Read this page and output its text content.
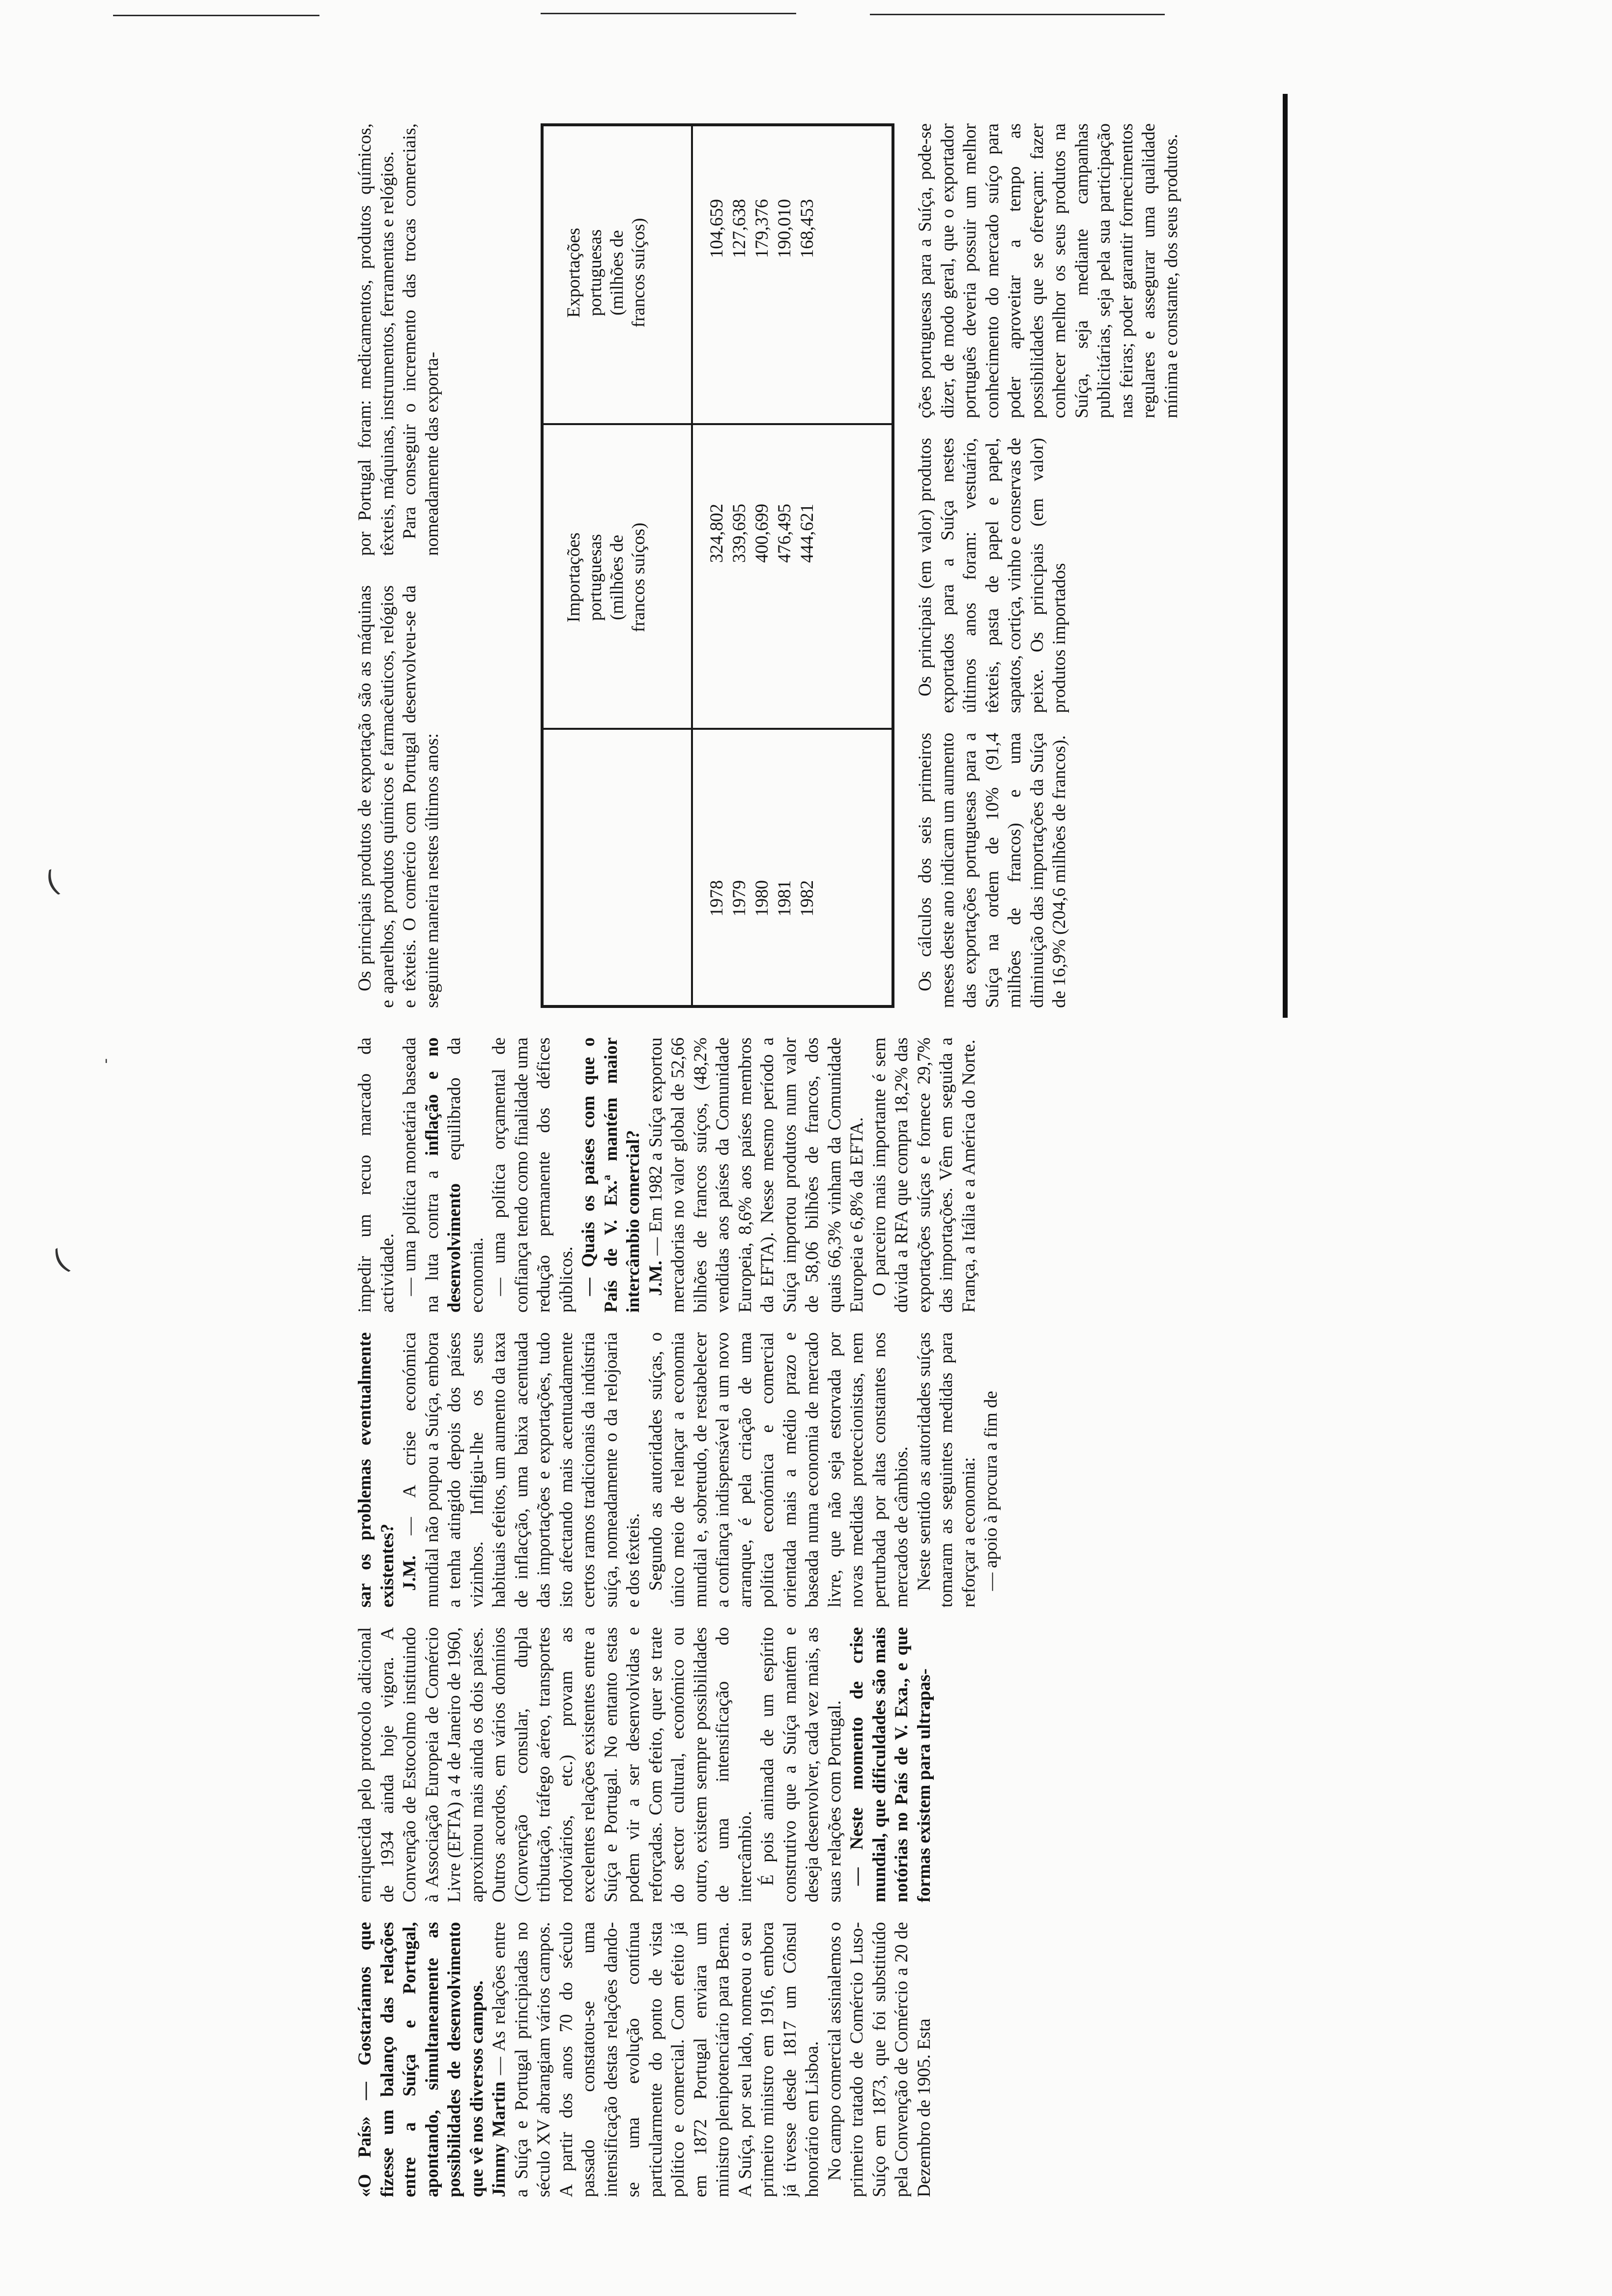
(
(
'

«O País» — Gostaríamos que fizesse um balanço das relações entre a Suíça e Portugal, apontando, simultaneamente as possibilidades de desenvolvimento que vê nos diversos campos. Jimmy Martin — As relações entre a Suíça e Portugal principiadas no século XV abrangiam vários campos. A partir dos anos 70 do século passado constatou-se uma intensificação destas relações dando-se uma evolução contínua particularmente do ponto de vista político e comercial. Com efeito já em 1872 Portugal enviara um ministro plenipotenciário para Berna. A Suíça, por seu lado, nomeou o seu primeiro ministro em 1916, embora já tivesse desde 1817 um Cônsul honorário em Lisboa. No campo comercial assinalemos o primeiro tratado de Comércio Luso-Suíço em 1873, que foi substituído pela Convenção de Comércio a 20 de Dezembro de 1905. Esta

enriquecida pelo protocolo adicional de 1934 ainda hoje vigora. A Convenção de Estocolmo instituindo à Associação Europeia de Comércio Livre (EFTA) a 4 de Janeiro de 1960, aproximou mais ainda os dois países. Outros acordos, em vários domínios (Convenção consular, dupla tributação, tráfego aéreo, transportes rodoviários, etc.) provam as excelentes relações existentes entre a Suíça e Portugal. No entanto estas podem vir a ser desenvolvidas e reforçadas. Com efeito, quer se trate do sector cultural, económico ou outro, existem sempre possibilidades de uma intensificação do intercâmbio. É pois animada de um espírito construtivo que a Suíça mantém e deseja desenvolver, cada vez mais, as suas relações com Portugal. — Neste momento de crise mundial, que dificuldades são mais notórias no País de V. Exa., e que formas existem para ultrapas-

sar os problemas eventualmente existentes? J.M. — A crise económica mundial não poupou a Suíça, embora a tenha atingido depois dos países vizinhos. Infligiu-lhe os seus habituais efeitos, um aumento da taxa de inflacção, uma baixa acentuada das importações e exportações, tudo isto afectando mais acentuadamente certos ramos tradicionais da indústria suíça, nomeadamente o da relojoaria e dos têxteis. Segundo as autoridades suíças, o único meio de relançar a economia mundial e, sobretudo, de restabelecer a confiança indispensável a um novo arranque, é pela criação de uma política económica e comercial orientada mais a médio prazo e baseada numa economia de mercado livre, que não seja estorvada por novas medidas proteccionistas, nem perturbada por altas constantes nos mercados de câmbios. Neste sentido as autoridades suíças tomaram as seguintes medidas para reforçar a economia: — apoio à procura a fim de

impedir um recuo marcado da actividade. — uma política monetária baseada na luta contra a inflação e no desenvolvimento equilibrado da economia. — uma política orçamental de confiança tendo como finalidade uma redução permanente dos défices públicos. — Quais os países com que o País de V. Ex.ª mantém maior intercâmbio comercial? J.M. — Em 1982 a Suíça exportou mercadorias no valor global de 52,66 bilhões de francos suíços, (48,2% vendidas aos países da Comunidade Europeia, 8,6% aos países membros da EFTA). Nesse mesmo período a Suíça importou produtos num valor de 58,06 bilhões de francos, dos quais 66,3% vinham da Comunidade Europeia e 6,8% da EFTA. O parceiro mais importante é sem dúvida a RFA que compra 18,2% das exportações suíças e fornece 29,7% das importações. Vêm em seguida a França, a Itália e a América do Norte.

Os principais produtos de exportação são as máquinas e aparelhos, produtos químicos e farmacêuticos, relógios e têxteis. O comércio com Portugal desenvolveu-se da seguinte maneira nestes últimos anos:

por Portugal foram: medicamentos, produtos químicos, têxteis, máquinas, instrumentos, ferramentas e relógios. Para conseguir o incremento das trocas comerciais, nomeadamente das exporta-

Importações portuguesas (milhões de francos suíços)
Exportações portuguesas (milhões de francos suíços)
1978
324,802
104,659
1979
339,695
127,638
1980
400,699
179,376
1981
476,495
190,010
1982
444,621
168,453

Os cálculos dos seis primeiros meses deste ano indicam um aumento das exportações portuguesas para a Suíça na ordem de 10% (91,4 milhões de francos) e uma diminuição das importações da Suíça de 16,9% (204,6 milhões de francos).

Os principais (em valor) produtos exportados para a Suíça nestes últimos anos foram: vestuário, têxteis, pasta de papel e papel, sapatos, cortiça, vinho e conservas de peixe. Os principais (em valor) produtos importados

ções portuguesas para a Suíça, pode-se dizer, de modo geral, que o exportador português deveria possuir um melhor conhecimento do mercado suíço para poder aproveitar a tempo as possibilidades que se ofereçam: fazer conhecer melhor os seus produtos na Suíça, seja mediante campanhas publicitárias, seja pela sua participação nas feiras; poder garantir fornecimentos regulares e assegurar uma qualidade mínima e constante, dos seus produtos.
